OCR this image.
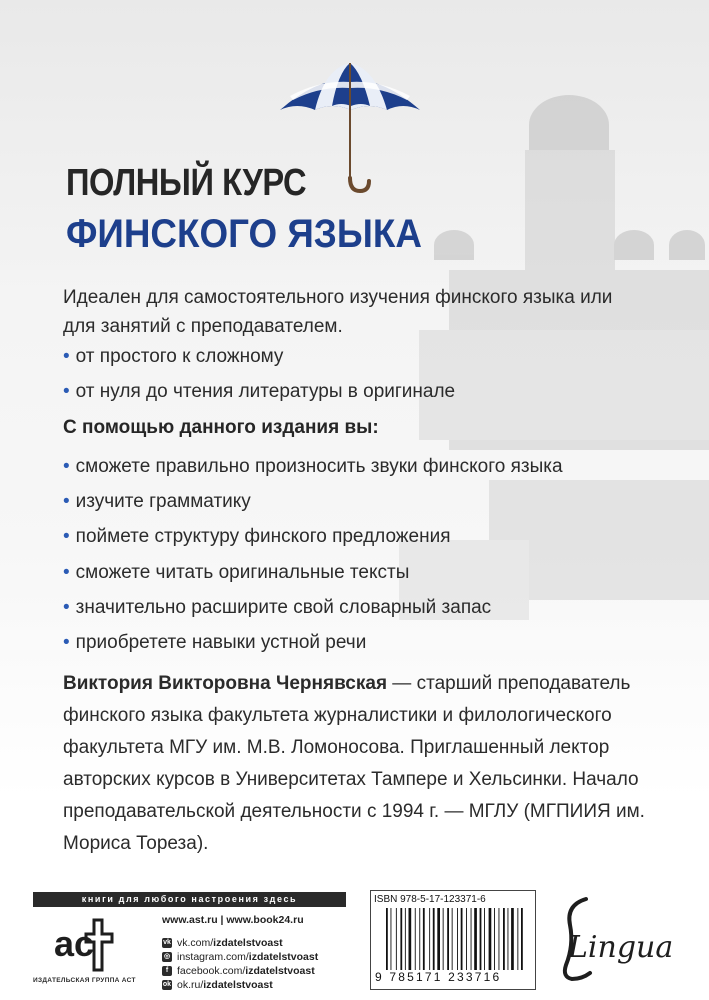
ПОЛНЫЙ КУРС
ФИНСКОГО ЯЗЫКА
Идеален для самостоятельного изучения финского языка или для занятий с преподавателем.
• от простого к сложному
• от нуля до чтения литературы в оригинале
С помощью данного издания вы:
• сможете правильно произносить звуки финского языка
• изучите грамматику
• поймете структуру финского предложения
• сможете читать оригинальные тексты
• значительно расширите свой словарный запас
• приобретете навыки устной речи
Виктория Викторовна Чернявская — старший преподаватель финского языка факультета журналистики и филологического факультета МГУ им. М.В. Ломоносова. Приглашенный лектор авторских курсов в Университетах Тампере и Хельсинки. Начало преподавательской деятельности с 1994 г. — МГЛУ (МГПИИЯ им. Мориса Тореза).
книги для любого настроения здесь
ac
ИЗДАТЕЛЬСКАЯ ГРУППА АСТ
www.ast.ru | www.book24.ru
vk vk.com/ izdatelstvoast
◎ instagram.com/ izdatelstvoast
f facebook.com/ izdatelstvoast
ok ok.ru/ izdatelstvoast
ISBN 978-5-17-123371-6
9 785171 233716
Lingua
